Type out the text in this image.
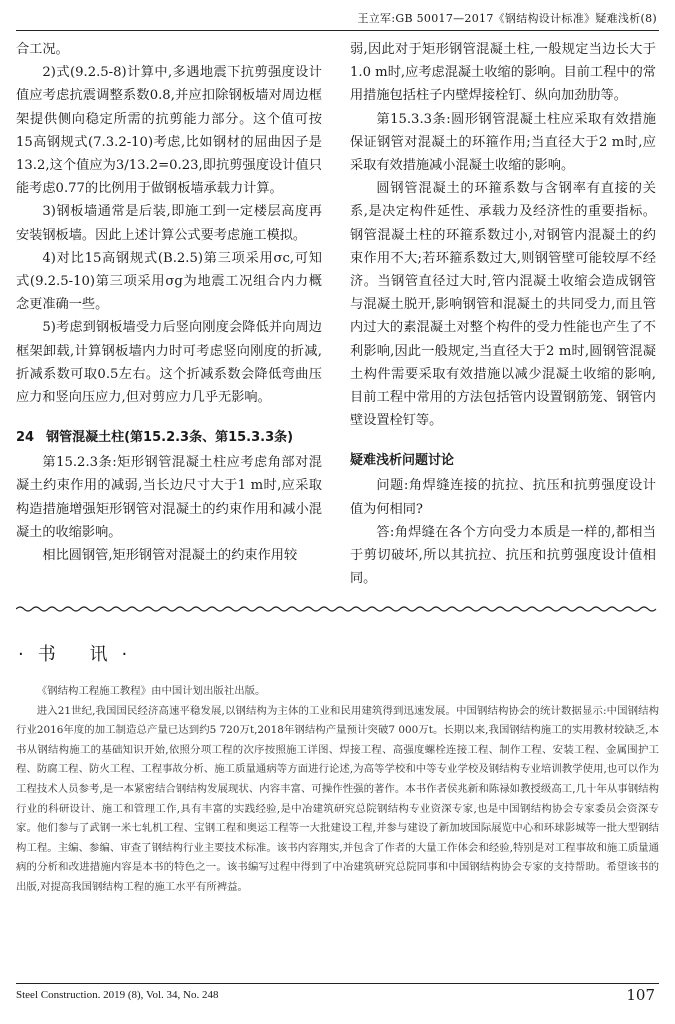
王立军:GB 50017—2017《钢结构设计标准》疑难浅析(8)

合工况。

2)式(9.2.5-8)计算中,多遇地震下抗剪强度设计值应考虑抗震调整系数0.8,并应扣除钢板墙对周边框架提供侧向稳定所需的抗剪能力部分。这个值可按15高钢规式(7.3.2-10)考虑,比如钢材的屈曲因子是13.2,这个值应为3/13.2=0.23,即抗剪强度设计值只能考虑0.77的比例用于做钢板墙承载力计算。

3)钢板墙通常是后装,即施工到一定楼层高度再安装钢板墙。因此上述计算公式要考虑施工模拟。

4)对比15高钢规式(B.2.5)第三项采用σc,可知式(9.2.5-10)第三项采用σg为地震工况组合内力概念更准确一些。

5)考虑到钢板墙受力后竖向刚度会降低并向周边框架卸载,计算钢板墙内力时可考虑竖向刚度的折减,折减系数可取0.5左右。这个折减系数会降低弯曲压应力和竖向压应力,但对剪应力几乎无影响。

24 钢管混凝土柱(第15.2.3条、第15.3.3条)

第15.2.3条:矩形钢管混凝土柱应考虑角部对混凝土约束作用的减弱,当长边尺寸大于1 m时,应采取构造措施增强矩形钢管对混凝土的约束作用和减小混凝土的收缩影响。

相比圆钢管,矩形钢管对混凝土的约束作用较

弱,因此对于矩形钢管混凝土柱,一般规定当边长大于1.0 m时,应考虑混凝土收缩的影响。目前工程中的常用措施包括柱子内壁焊接栓钉、纵向加劲肋等。

第15.3.3条:圆形钢管混凝土柱应采取有效措施保证钢管对混凝土的环箍作用;当直径大于2 m时,应采取有效措施减小混凝土收缩的影响。

圆钢管混凝土的环箍系数与含钢率有直接的关系,是决定构件延性、承载力及经济性的重要指标。钢管混凝土柱的环箍系数过小,对钢管内混凝土的约束作用不大;若环箍系数过大,则钢管壁可能较厚不经济。当钢管直径过大时,管内混凝土收缩会造成钢管与混凝土脱开,影响钢管和混凝土的共同受力,而且管内过大的素混凝土对整个构件的受力性能也产生了不利影响,因此一般规定,当直径大于2 m时,圆钢管混凝土构件需要采取有效措施以减少混凝土收缩的影响,目前工程中常用的方法包括管内设置钢筋笼、钢管内壁设置栓钉等。

疑难浅析问题讨论

问题:角焊缝连接的抗拉、抗压和抗剪强度设计值为何相同?

答:角焊缝在各个方向受力本质是一样的,都相当于剪切破坏,所以其抗拉、抗压和抗剪强度设计值相同。

·书 讯·

《钢结构工程施工教程》由中国计划出版社出版。

进入21世纪,我国国民经济高速平稳发展,以钢结构为主体的工业和民用建筑得到迅速发展。中国钢结构协会的统计数据显示:中国钢结构行业2016年度的加工制造总产量已达到约5 720万t,2018年钢结构产量预计突破7 000万t。长期以来,我国钢结构施工的实用教材较缺乏,本书从钢结构施工的基础知识开始,依照分项工程的次序按照施工详图、焊接工程、高强度螺栓连接工程、制作工程、安装工程、金属围护工程、防腐工程、防火工程、工程事故分析、施工质量通病等方面进行论述,为高等学校和中等专业学校及钢结构专业培训教学使用,也可以作为工程技术人员参考,是一本紧密结合钢结构发展现状、内容丰富、可操作性强的著作。本书作者侯兆新和陈禄如教授级高工,几十年从事钢结构行业的科研设计、施工和管理工作,具有丰富的实践经验,是中冶建筑研究总院钢结构专业资深专家,也是中国钢结构协会专家委员会资深专家。他们参与了武钢一米七轧机工程、宝钢工程和奥运工程等一大批建设工程,并参与建设了新加坡国际展览中心和环球影城等一批大型钢结构工程。主编、参编、审查了钢结构行业主要技术标准。该书内容翔实,并包含了作者的大量工作体会和经验,特别是对工程事故和施工质量通病的分析和改进措施内容是本书的特色之一。该书编写过程中得到了中冶建筑研究总院同事和中国钢结构协会专家的支持帮助。希望该书的出版,对提高我国钢结构工程的施工水平有所裨益。

Steel Construction. 2019 (8), Vol. 34, No. 248	107
